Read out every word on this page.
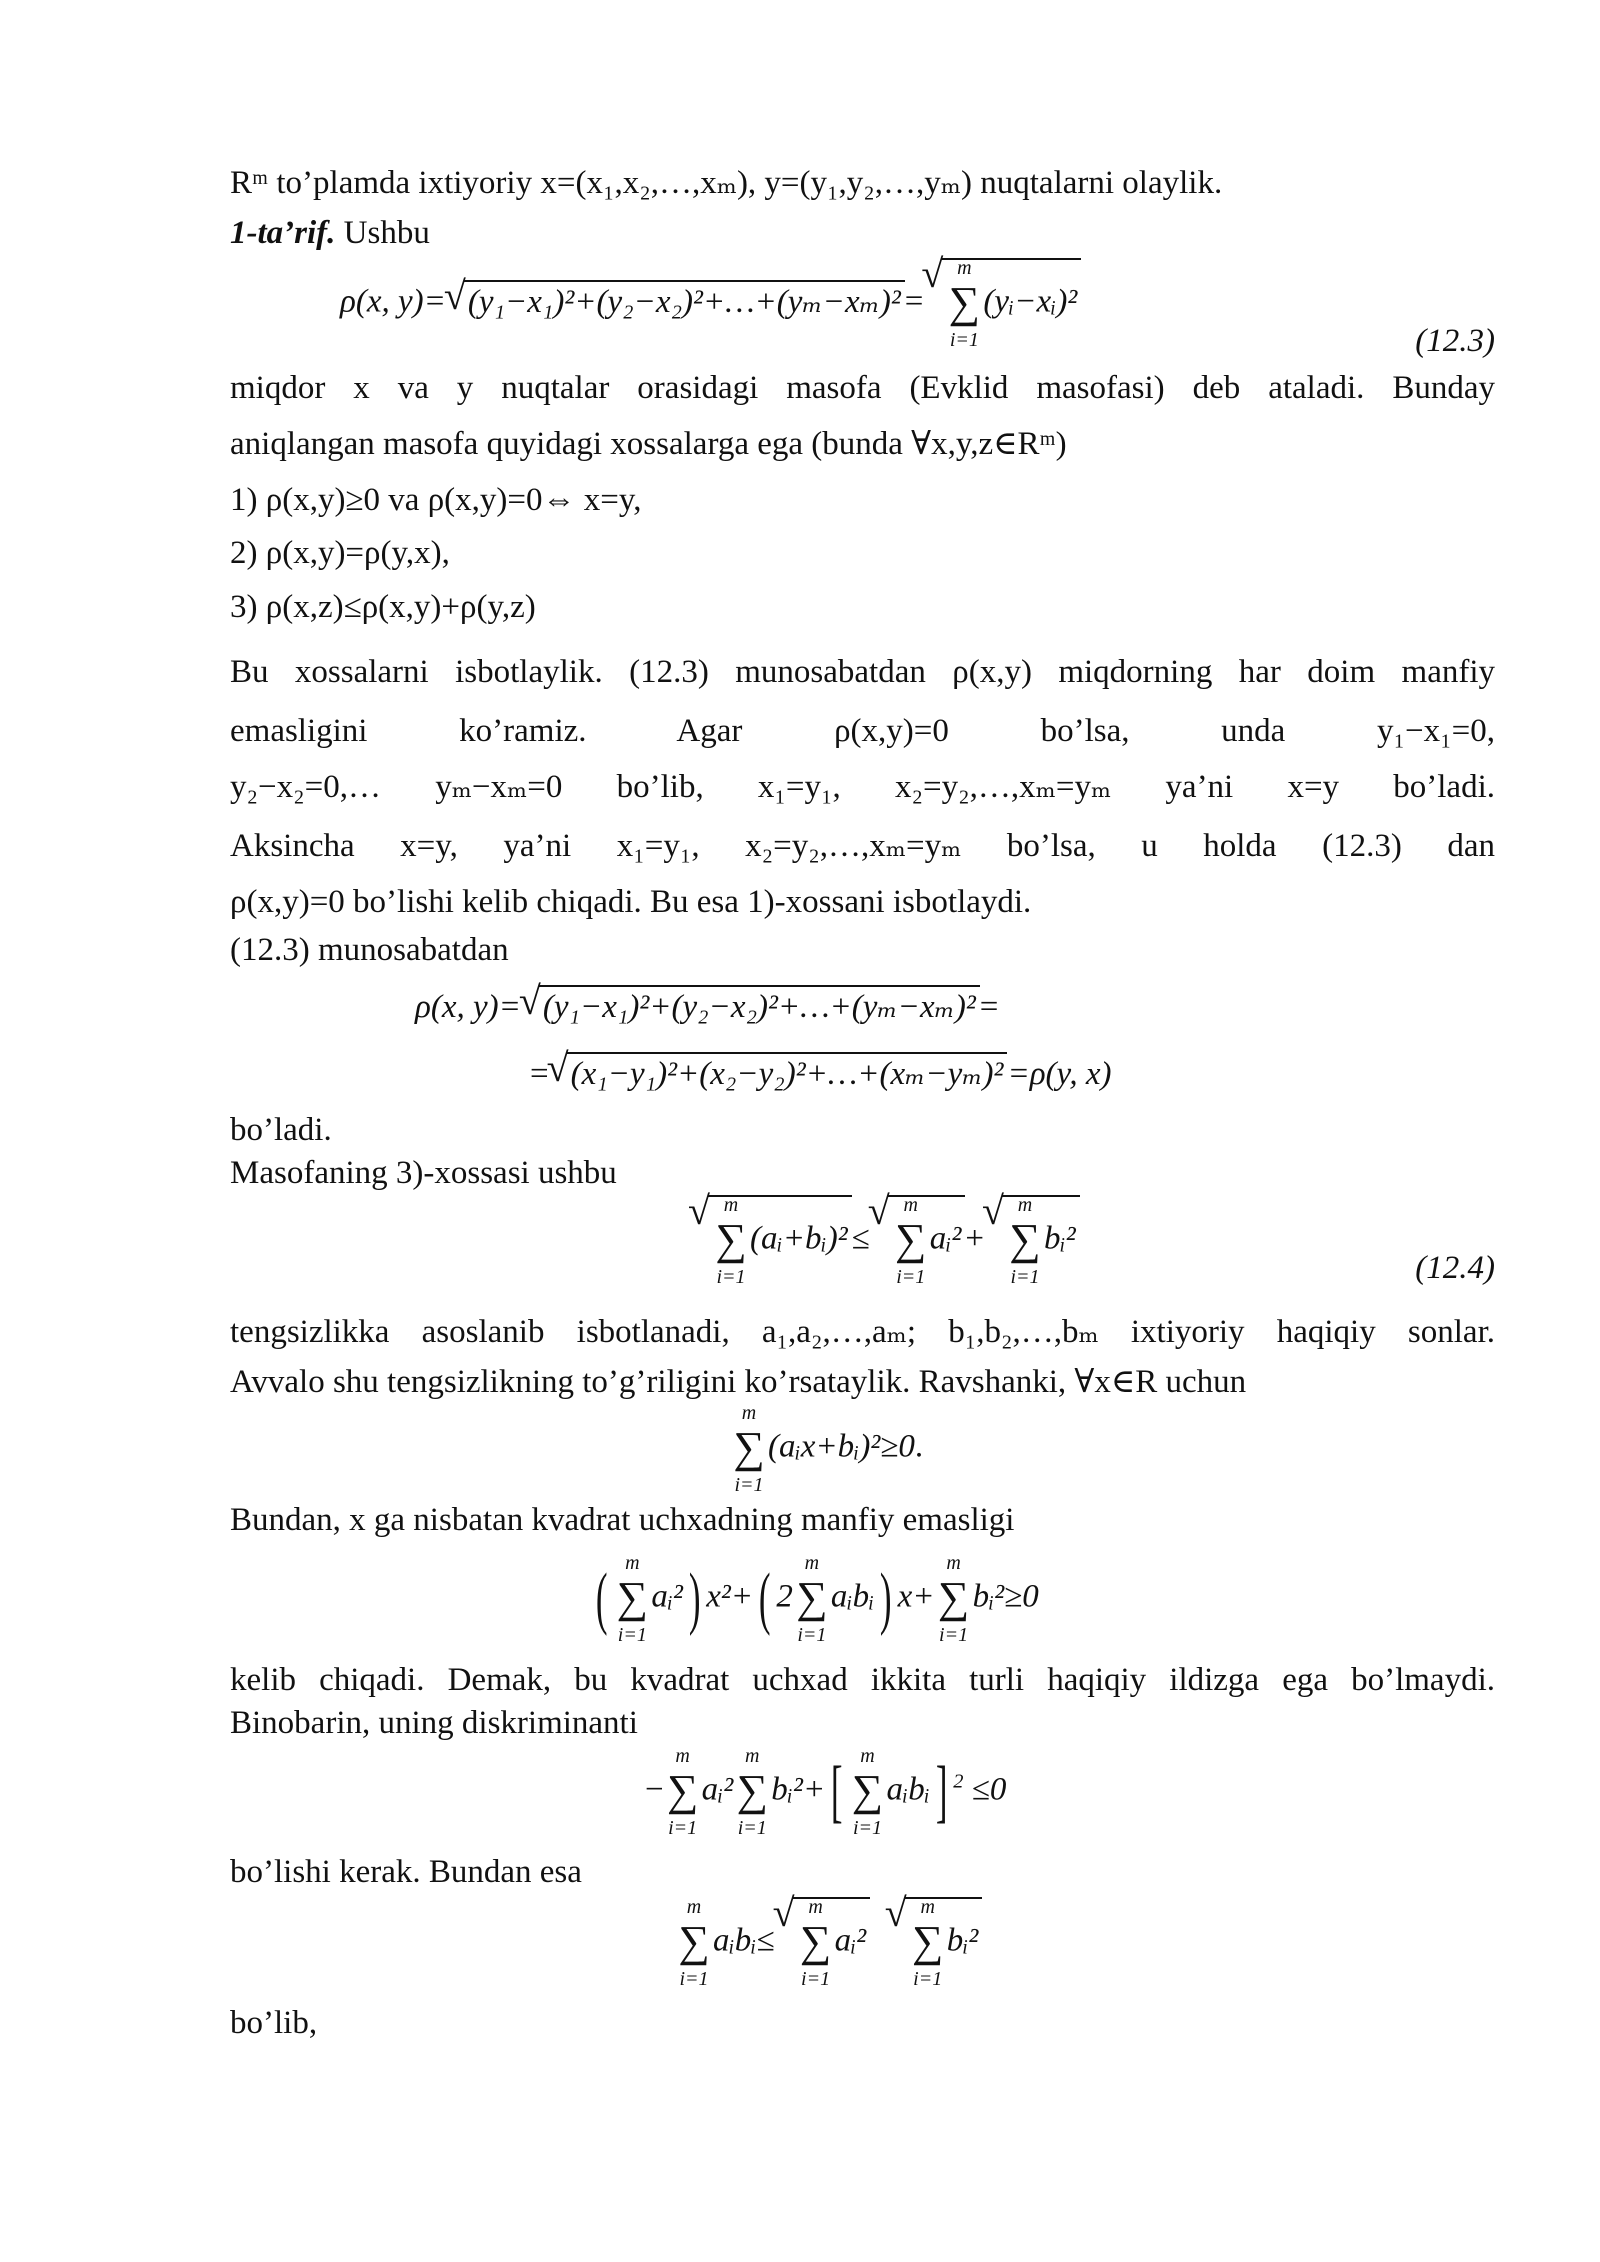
Rᵐ to’plamda ixtiyoriy x=(x₁,x₂,…,xₘ), y=(y₁,y₂,…,yₘ) nuqtalarni olaylik.
1-ta’rif. Ushbu
ρ(x, y)= √ (y₁−x₁)²+(y₂−x₂)²+…+(yₘ−xₘ)² =
√ m
∑
i=1
(yᵢ−xᵢ)²
(12.3)
miqdor x va y nuqtalar orasidagi masofa (Evklid masofasi) deb ataladi. Bunday
aniqlangan masofa quyidagi xossalarga ega (bunda ∀x,y,z∈Rᵐ)
1) ρ(x,y)≥0 va ρ(x,y)=0⇔ x=y,
2) ρ(x,y)=ρ(y,x),
3) ρ(x,z)≤ρ(x,y)+ρ(y,z)
Bu xossalarni isbotlaylik. (12.3) munosabatdan ρ(x,y) miqdorning har doim manfiy
emasligini ko’ramiz. Agar ρ(x,y)=0 bo’lsa, unda y₁−x₁=0,
y₂−x₂=0,… yₘ−xₘ=0 bo’lib, x₁=y₁, x₂=y₂,…,xₘ=yₘ ya’ni x=y bo’ladi.
Aksincha x=y, ya’ni x₁=y₁, x₂=y₂,…,xₘ=yₘ bo’lsa, u holda (12.3) dan
ρ(x,y)=0 bo’lishi kelib chiqadi. Bu esa 1)-xossani isbotlaydi.
(12.3) munosabatdan
ρ(x, y)= √ (y₁−x₁)²+(y₂−x₂)²+…+(yₘ−xₘ)² =
= √ (x₁−y₁)²+(x₂−y₂)²+…+(xₘ−yₘ)² =ρ(y, x)
bo’ladi.
Masofaning 3)-xossasi ushbu
√ m
∑
i=1
(aᵢ+bᵢ)² ≤
√ m
∑
i=1
aᵢ² +
√ m
∑
i=1
bᵢ²
(12.4)
tengsizlikka asoslanib isbotlanadi, a₁,a₂,…,aₘ; b₁,b₂,…,bₘ ixtiyoriy haqiqiy sonlar.
Avvalo shu tengsizlikning to’g’riligini ko’rsataylik. Ravshanki, ∀x∈R uchun
m
∑
i=1
(aᵢx+bᵢ)²≥0.
Bundan, x ga nisbatan kvadrat uchxadning manfiy emasligi
( m
∑
i=1
aᵢ²) x²+( 2
m
∑
i=1
aᵢbᵢ) x+
m
∑
i=1
bᵢ²≥0
kelib chiqadi. Demak, bu kvadrat uchxad ikkita turli haqiqiy ildizga ega bo’lmaydi.
Binobarin, uning diskriminanti
−
m
∑
i=1
aᵢ²
m
∑
i=1
bᵢ²+[ m
∑
i=1
aᵢbᵢ] $^2$ ≤0
bo’lishi kerak. Bundan esa
m
∑
i=1
aᵢbᵢ≤
√ m
∑
i=1
aᵢ²
√ m
∑
i=1
bᵢ²
bo’lib,
